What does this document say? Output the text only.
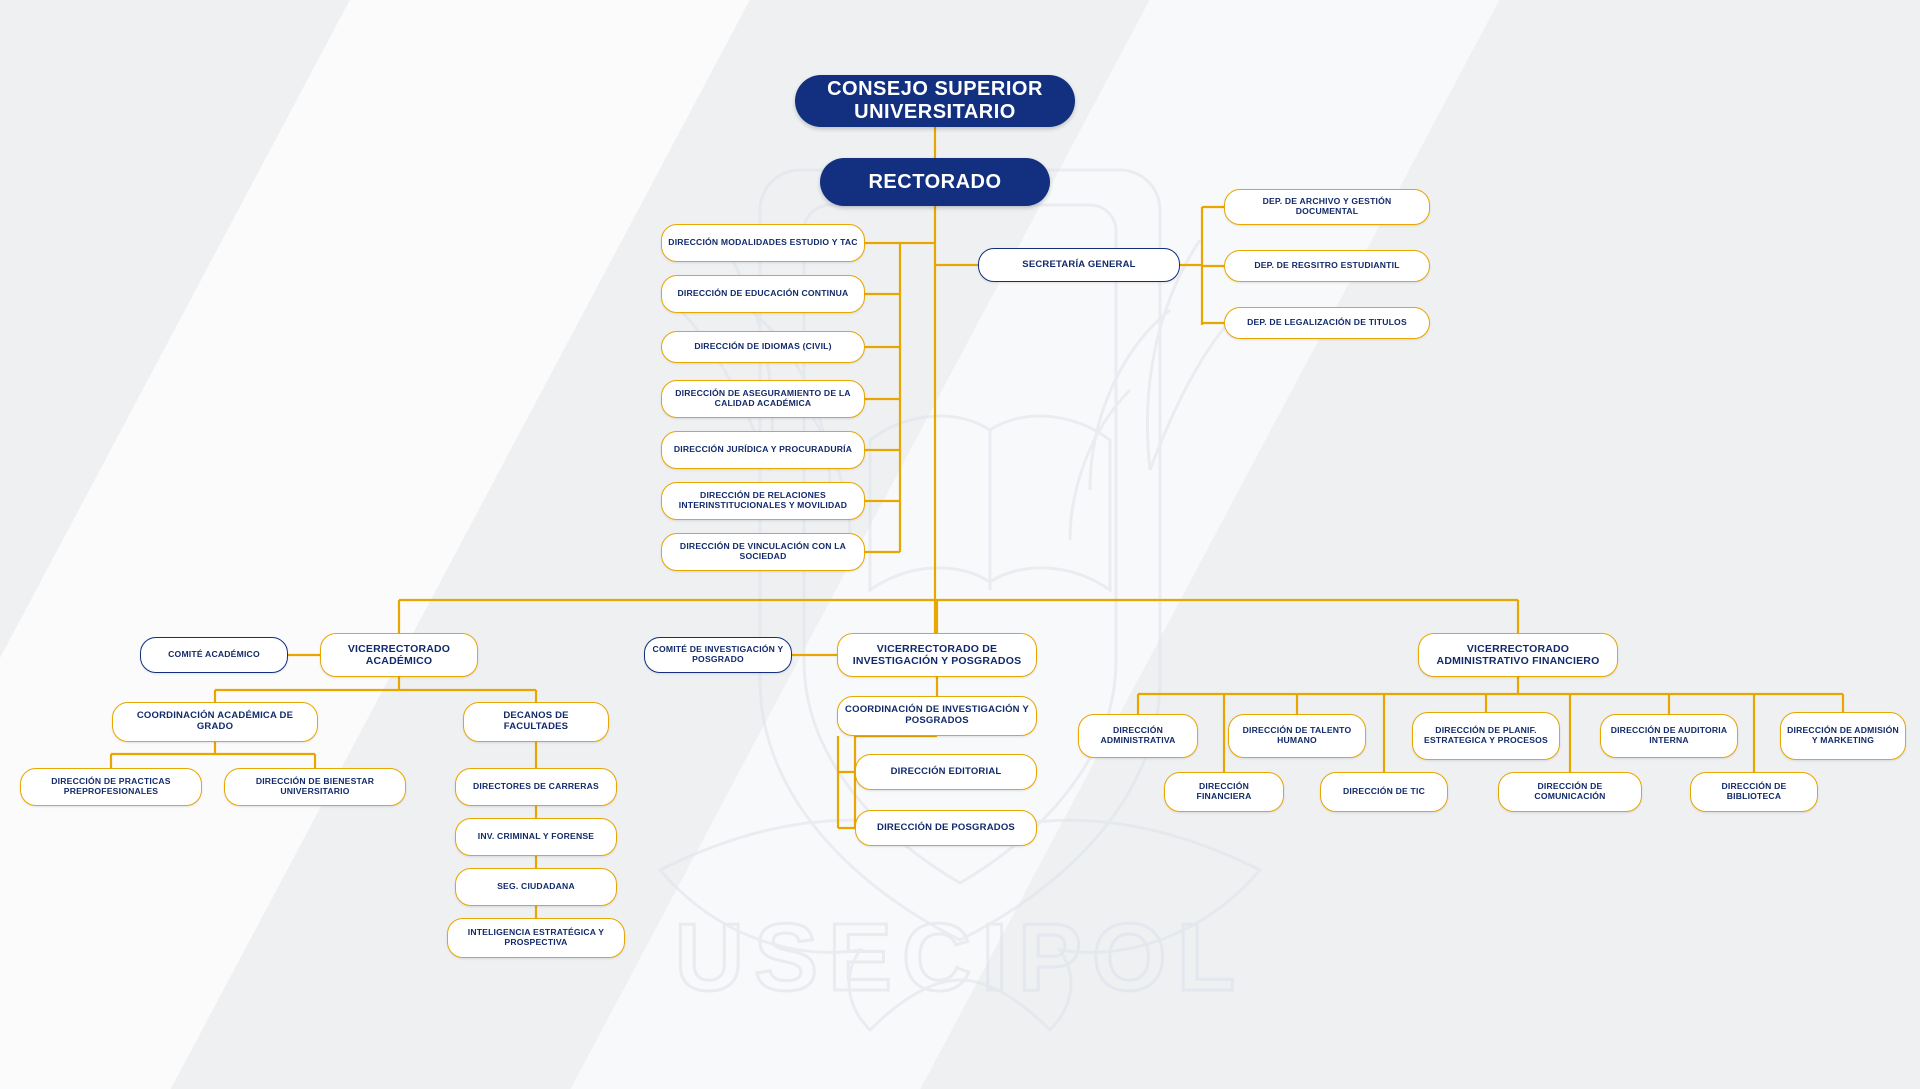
USECIPOL
CONSEJO SUPERIOR UNIVERSITARIO
RECTORADO
SECRETARÍA GENERAL
DEP. DE ARCHIVO Y GESTIÓN DOCUMENTAL
DEP. DE REGSITRO ESTUDIANTIL
DEP. DE LEGALIZACIÓN DE TITULOS
DIRECCIÓN MODALIDADES ESTUDIO Y TAC
DIRECCIÓN DE EDUCACIÓN CONTINUA
DIRECCIÓN DE IDIOMAS (CIVIL)
DIRECCIÓN DE ASEGURAMIENTO DE LA CALIDAD ACADÉMICA
DIRECCIÓN JURÍDICA Y PROCURADURÍA
DIRECCIÓN DE RELACIONES INTERINSTITUCIONALES Y MOVILIDAD
DIRECCIÓN DE VINCULACIÓN CON LA SOCIEDAD
COMITÉ ACADÉMICO	VICERRECTORADO ACADÉMICO
COMITÉ DE INVESTIGACIÓN Y POSGRADO
VICERRECTORADO DE INVESTIGACIÓN Y POSGRADOS
VICERRECTORADO ADMINISTRATIVO FINANCIERO
COORDINACIÓN ACADÉMICA DE GRADO
DECANOS DE FACULTADES
DIRECCIÓN DE PRACTICAS PREPROFESIONALES
DIRECCIÓN DE BIENESTAR UNIVERSITARIO	DIRECTORES DE CARRERAS
INV. CRIMINAL Y FORENSE
SEG. CIUDADANA
INTELIGENCIA ESTRATÉGICA Y PROSPECTIVA
COORDINACIÓN DE INVESTIGACIÓN Y POSGRADOS
DIRECCIÓN EDITORIAL
DIRECCIÓN DE POSGRADOS
DIRECCIÓN ADMINISTRATIVA
DIRECCIÓN FINANCIERA
DIRECCIÓN DE TALENTO HUMANO
DIRECCIÓN DE TIC
DIRECCIÓN DE PLANIF. ESTRATEGICA Y PROCESOS
DIRECCIÓN DE COMUNICACIÓN
DIRECCIÓN DE AUDITORIA INTERNA
DIRECCIÓN DE BIBLIOTECA
DIRECCIÓN DE ADMISIÓN Y MARKETING
